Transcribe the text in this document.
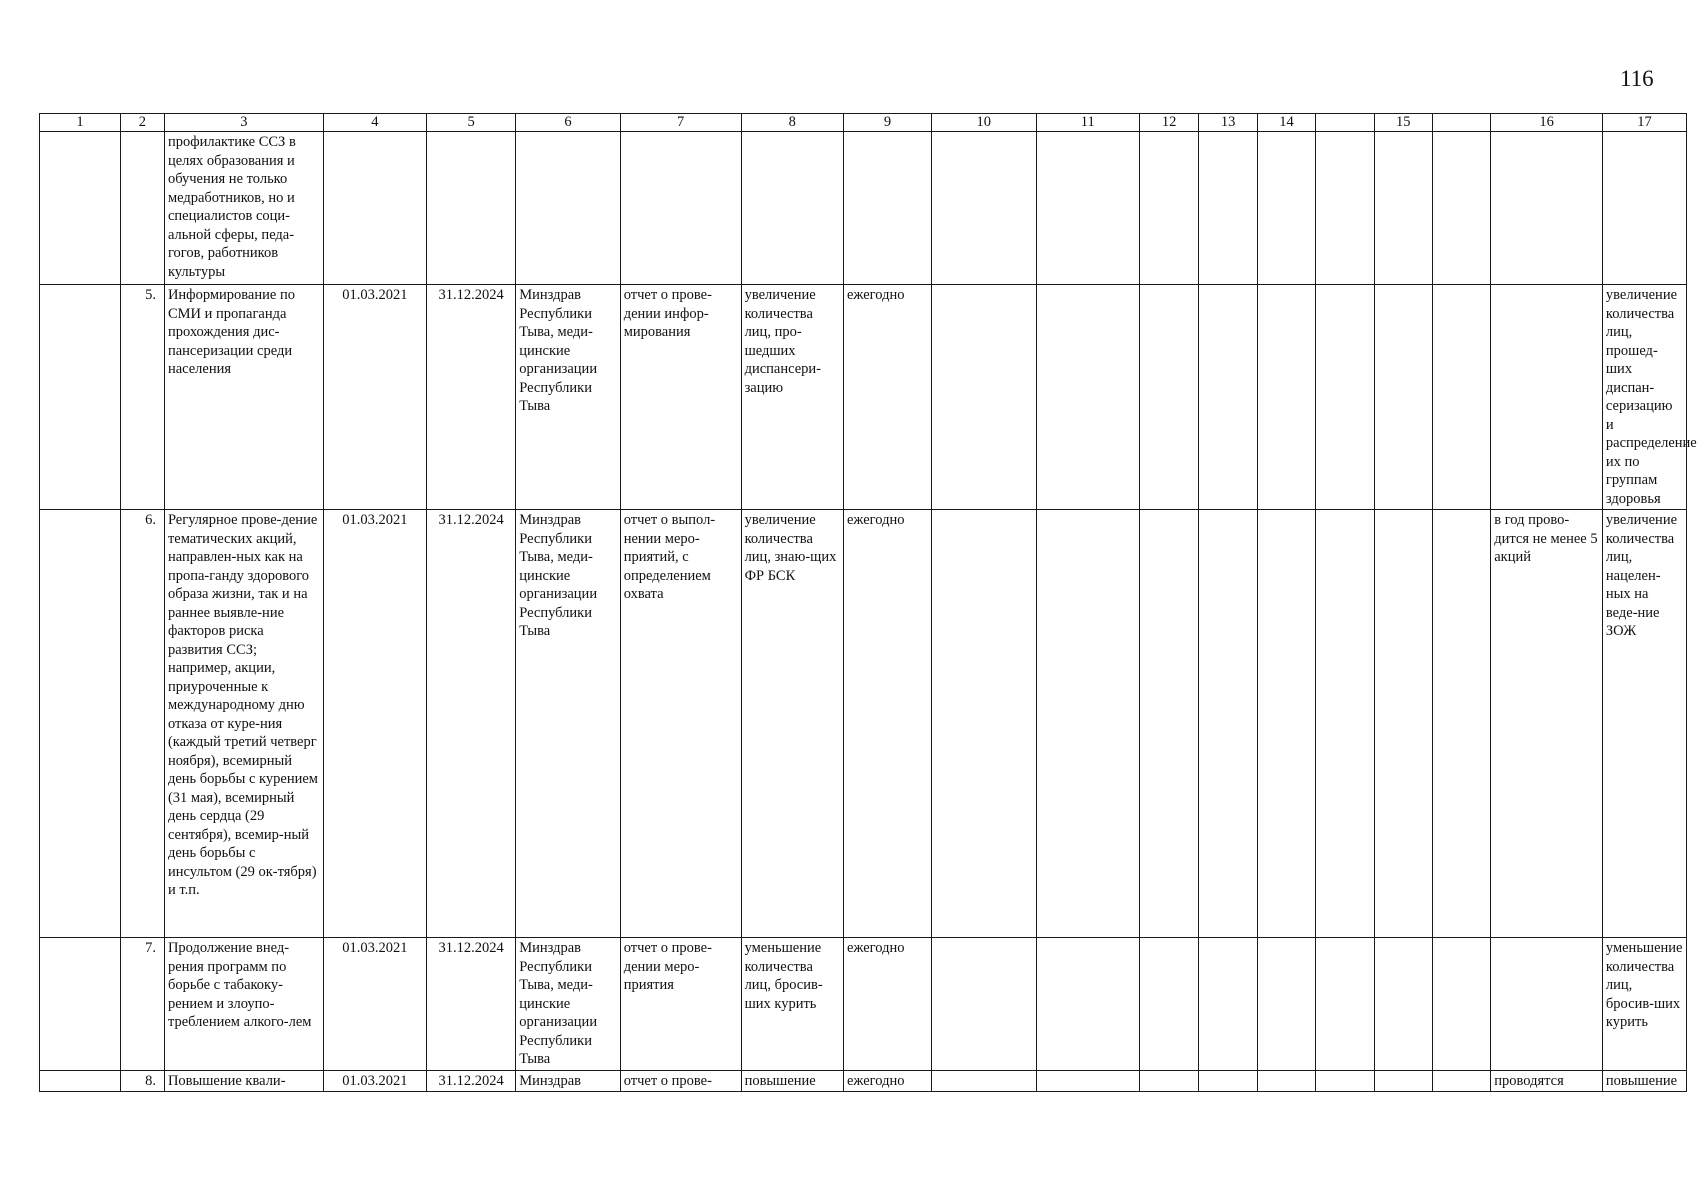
116
1	2	3	4	5	6	7	8	9	10	11	12	13	14		15		16	17
		профилактике ССЗ в целях образования и обучения не только медработников, но и специалистов соци-альной сферы, педа-гогов, работников культуры																
	5.	Информирование по СМИ и пропаганда прохождения дис-пансеризации среди населения	01.03.2021	31.12.2024	Минздрав Республики Тыва, меди-цинские организации Республики Тыва	отчет о прове-дении инфор-мирования	увеличение количества лиц, про-шедших диспансери-зацию	ежегодно										увеличение количества лиц, прошед-ших диспан-серизацию и распределение их по группам здоровья
	6.	Регулярное прове-дение тематических акций, направлен-ных как на пропа-ганду здорового образа жизни, так и на раннее выявле-ние факторов риска развития ССЗ; например, акции, приуроченные к международному дню отказа от куре-ния (каждый третий четверг ноября), всемирный день борьбы с курением (31 мая), всемирный день сердца (29 сентября), всемир-ный день борьбы с инсультом (29 ок-тября) и т.п.	01.03.2021	31.12.2024	Минздрав Республики Тыва, меди-цинские организации Республики Тыва	отчет о выпол-нении меро-приятий, с определением охвата	увеличение количества лиц, знаю-щих ФР БСК	ежегодно									в год прово-дится не менее 5 акций	увеличение количества лиц, нацелен-ных на веде-ние ЗОЖ
	7.	Продолжение внед-рения программ по борьбе с табакоку-рением и злоупо-треблением алкого-лем	01.03.2021	31.12.2024	Минздрав Республики Тыва, меди-цинские организации Республики Тыва	отчет о прове-дении меро-приятия	уменьшение количества лиц, бросив-ших курить	ежегодно										уменьшение количества лиц, бросив-ших курить
	8.	Повышение квали-	01.03.2021	31.12.2024	Минздрав	отчет о прове-	повышение	ежегодно									проводятся	повышение
